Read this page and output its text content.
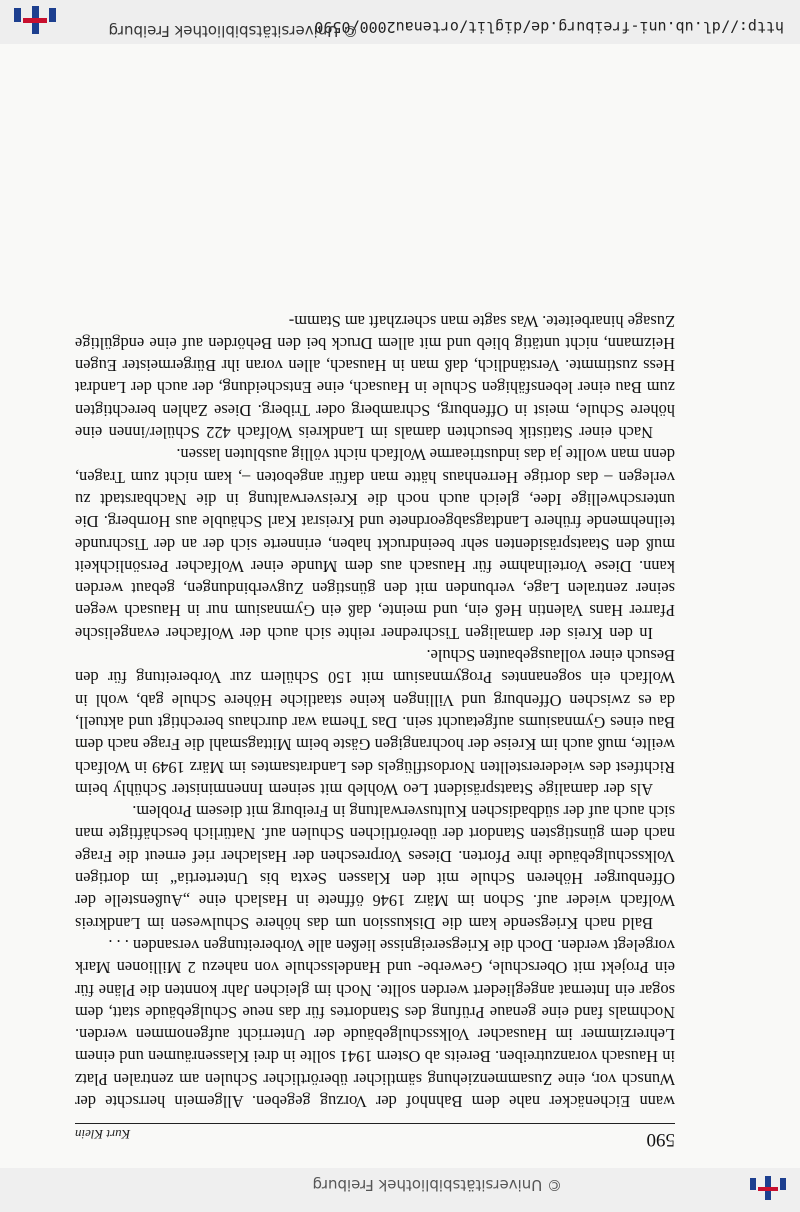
© Universitätsbibliothek Freiburg
590
Kurt Klein

wann Eichenäcker nahe dem Bahnhof der Vorzug gegeben. Allgemein herrschte der Wunsch vor, eine Zusammenziehung sämtlicher überörtlicher Schulen am zentralen Platz in Hausach voranzutreiben. Bereits ab Ostern 1941 sollte in drei Klassenräumen und einem Lehrerzimmer im Hausacher Volksschulgebäude der Unterricht aufgenommen werden. Nochmals fand eine genaue Prüfung des Standortes für das neue Schulgebäude statt, dem sogar ein Internat angegliedert werden sollte. Noch im gleichen Jahr konnten die Pläne für ein Projekt mit Oberschule, Gewerbe- und Handelsschule von nahezu 2 Millionen Mark vorgelegt werden. Doch die Kriegsereignisse ließen alle Vorbereitungen versanden . . .

Bald nach Kriegsende kam die Diskussion um das höhere Schulwesen im Landkreis Wolfach wieder auf. Schon im März 1946 öffnete in Haslach eine „Außenstelle der Offenburger Höheren Schule mit den Klassen Sexta bis Untertertia“ im dortigen Volksschulgebäude ihre Pforten. Dieses Vorpreschen der Haslacher rief erneut die Frage nach dem günstigsten Standort der überörtlichen Schulen auf. Natürlich beschäftigte man sich auch auf der südbadischen Kultusverwaltung in Freiburg mit diesem Problem.

Als der damalige Staatspräsident Leo Wohleb mit seinem Innenminister Schühly beim Richtfest des wiedererstellten Nordostflügels des Landratsamtes im März 1949 in Wolfach weilte, muß auch im Kreise der hochrangigen Gäste beim Mittagsmahl die Frage nach dem Bau eines Gymnasiums aufgetaucht sein. Das Thema war durchaus berechtigt und aktuell, da es zwischen Offenburg und Villingen keine staatliche Höhere Schule gab, wohl in Wolfach ein sogenanntes Progymnasium mit 150 Schülern zur Vorbereitung für den Besuch einer vollausgebauten Schule.

In den Kreis der damaligen Tischredner reihte sich auch der Wolfacher evangelische Pfarrer Hans Valentin Heß ein, und meinte, daß ein Gymnasium nur in Hausach wegen seiner zentralen Lage, verbunden mit den günstigen Zugverbindungen, gebaut werden kann. Diese Vorteilnahme für Hausach aus dem Munde einer Wolfacher Persönlichkeit muß den Staatspräsidenten sehr beeindruckt haben, erinnerte sich der an der Tischrunde teilnehmende frühere Landtagsabgeordnete und Kreisrat Karl Schäuble aus Hornberg. Die unterschwellige Idee, gleich auch noch die Kreisverwaltung in die Nachbarstadt zu verlegen – das dortige Herrenhaus hätte man dafür angeboten –, kam nicht zum Tragen, denn man wollte ja das industriearme Wolfach nicht völlig ausbluten lassen.

Nach einer Statistik besuchten damals im Landkreis Wolfach 422 Schüler/innen eine höhere Schule, meist in Offenburg, Schramberg oder Triberg. Diese Zahlen berechtigten zum Bau einer lebensfähigen Schule in Hausach, eine Entscheidung, der auch der Landrat Hess zustimmte. Verständlich, daß man in Hausach, allen voran ihr Bürgermeister Eugen Heizmann, nicht untätig blieb und mit allem Druck bei den Behörden auf eine endgültige Zusage hinarbeitete. Was sagte man scherzhaft am Stamm-

http://dl.ub.uni-freiburg.de/diglit/ortenau2000/0590
© Universitätsbibliothek Freiburg
